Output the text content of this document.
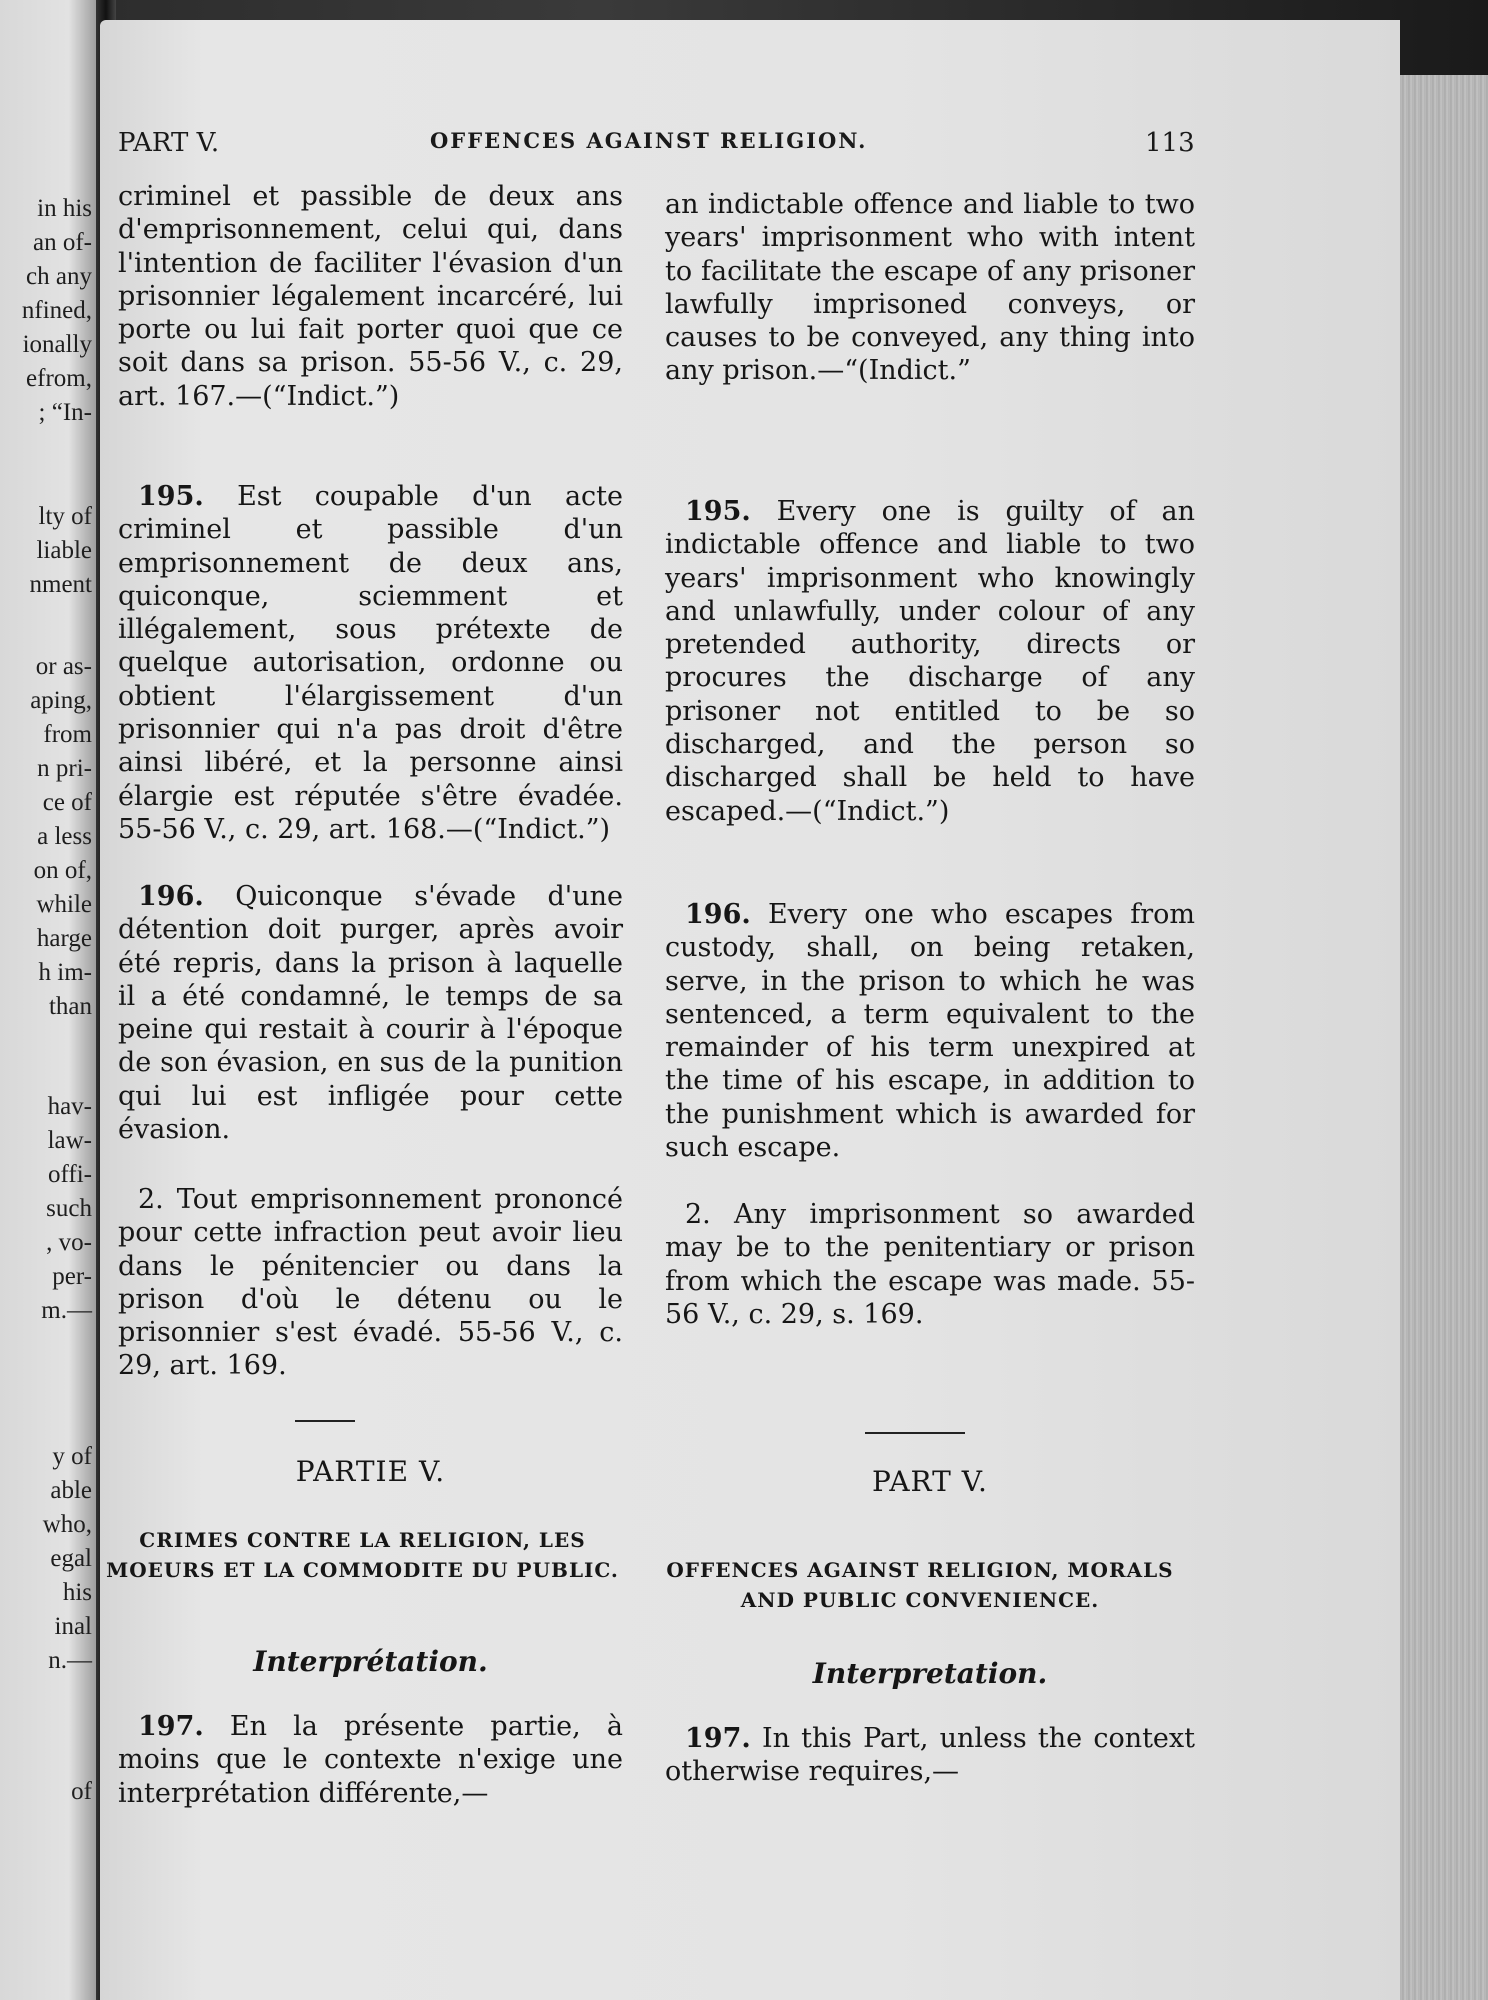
in his
an of-
ch any
nfined,
ionally
efrom,
; “In-
lty of
liable
nment
or as-
aping,
from
n pri-
ce of
a less
on of,
while
harge
h im-
than
hav-
law-
offi-
such
, vo-
per-
m.—
y of
able
who,
egal
his
inal
n.—
of
PART V.	OFFENCES AGAINST RELIGION.	113

criminel et passible de deux ans d'emprisonnement, celui qui, dans l'intention de faciliter l'évasion d'un prisonnier légalement incarcéré, lui porte ou lui fait porter quoi que ce soit dans sa prison. 55-56 V., c. 29, art. 167.—(“Indict.”)

195. Est coupable d'un acte criminel et passible d'un emprisonnement de deux ans, quiconque, sciemment et illégalement, sous prétexte de quelque autorisation, ordonne ou obtient l'élargissement d'un prisonnier qui n'a pas droit d'être ainsi libéré, et la personne ainsi élargie est réputée s'être évadée. 55-56 V., c. 29, art. 168.—(“Indict.”)

196. Quiconque s'évade d'une détention doit purger, après avoir été repris, dans la prison à laquelle il a été condamné, le temps de sa peine qui restait à courir à l'époque de son évasion, en sus de la punition qui lui est infligée pour cette évasion.

2. Tout emprisonnement prononcé pour cette infraction peut avoir lieu dans le pénitencier ou dans la prison d'où le détenu ou le prisonnier s'est évadé. 55-56 V., c. 29, art. 169.

PARTIE V.

CRIMES CONTRE LA RELIGION, LES MOEURS ET LA COMMODITE DU PUBLIC.

Interprétation.

197. En la présente partie, à moins que le contexte n'exige une interprétation différente,—

an indictable offence and liable to two years' imprisonment who with intent to facilitate the escape of any prisoner lawfully imprisoned conveys, or causes to be conveyed, any thing into any prison.—“(Indict.”

195. Every one is guilty of an indictable offence and liable to two years' imprisonment who knowingly and unlawfully, under colour of any pretended authority, directs or procures the discharge of any prisoner not entitled to be so discharged, and the person so discharged shall be held to have escaped.—(“Indict.”)

196. Every one who escapes from custody, shall, on being retaken, serve, in the prison to which he was sentenced, a term equivalent to the remainder of his term unexpired at the time of his escape, in addition to the punishment which is awarded for such escape.

2. Any imprisonment so awarded may be to the penitentiary or prison from which the escape was made. 55-56 V., c. 29, s. 169.

PART V.

OFFENCES AGAINST RELIGION, MORALS AND PUBLIC CONVENIENCE.

Interpretation.

197. In this Part, unless the context otherwise requires,—
